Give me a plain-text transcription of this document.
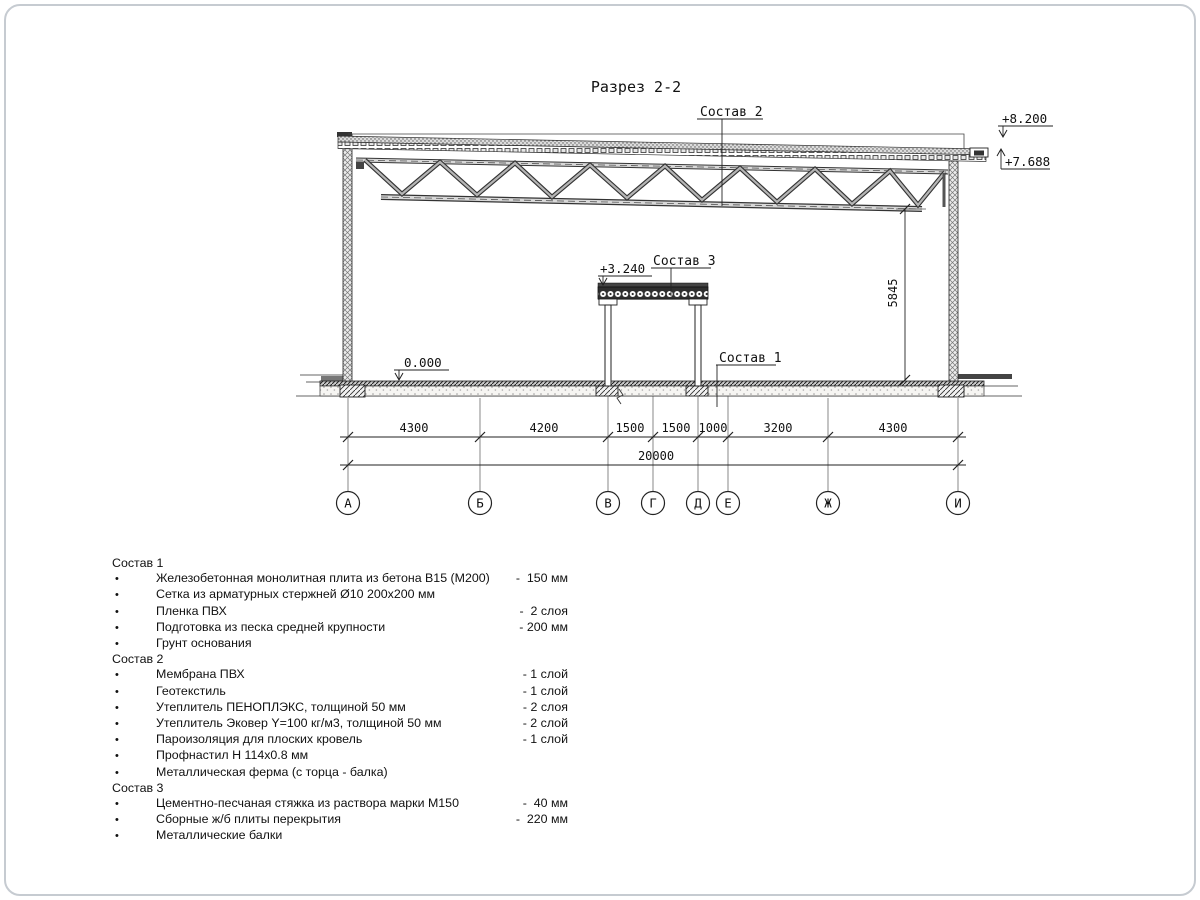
Разрез 2-2
Состав 2
Состав 3
Состав 1
+8.200
+7.688
+3.240
0.000
5845
4300	4200	1500 1500 1000	3200	4300
20000
А	Б	В	Г	Д Е	Ж	И
Состав 1
•	Железобетонная монолитная плита из бетона В15 (М200)	-  150 мм
•	Сетка из арматурных стержней Ø10 200х200 мм
•	Пленка ПВХ	-  2 слоя
•	Подготовка из песка средней крупности	- 200 мм
•	Грунт основания
Состав 2
•	Мембрана ПВХ	- 1 слой
•	Геотекстиль	- 1 слой
•	Утеплитель ПЕНОПЛЭКС, толщиной 50 мм	- 2 слоя
•	Утеплитель Эковер Y=100 кг/м3, толщиной 50 мм	- 2 слой
•	Пароизоляция для плоских кровель	- 1 слой
•	Профнастил Н 114х0.8 мм
•	Металлическая ферма (с торца - балка)
Состав 3
•	Цементно-песчаная стяжка из раствора марки М150	-  40 мм
•	Сборные ж/б плиты перекрытия	-  220 мм
•	Металлические балки
